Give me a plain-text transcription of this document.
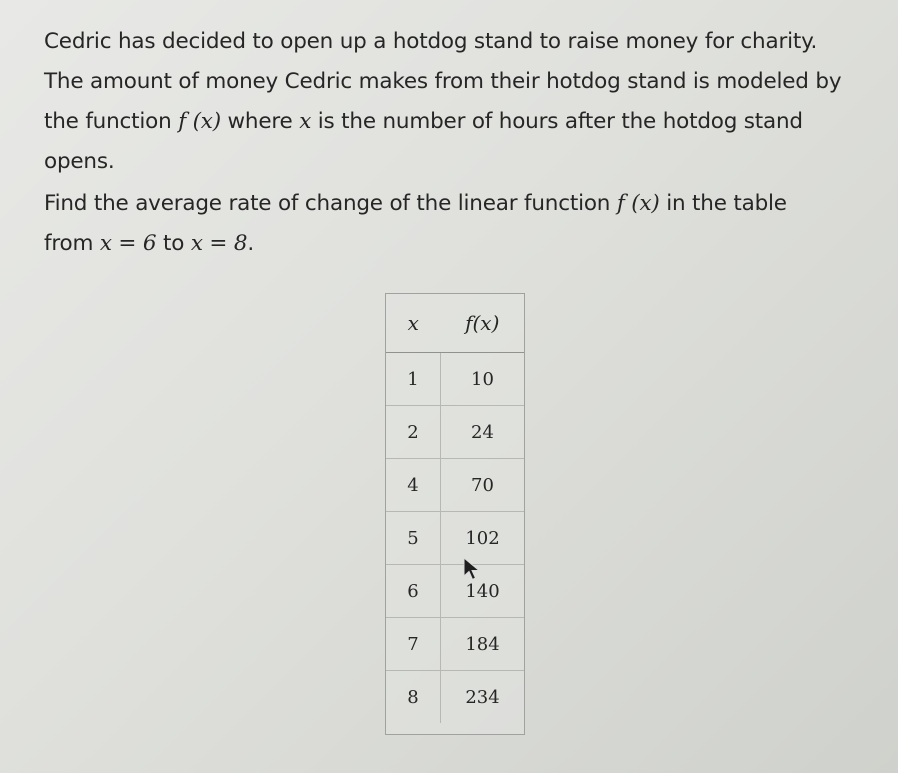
Cedric has decided to open up a hotdog stand to raise money for charity.
The amount of money Cedric makes from their hotdog stand is modeled by
the function f (x) where x is the number of hours after the hotdog stand
opens.

Find the average rate of change of the linear function f (x) in the table
from x = 6 to x = 8.

x	f(x)
1	10
2	24
4	70
5	102
6	140
7	184
8	234
